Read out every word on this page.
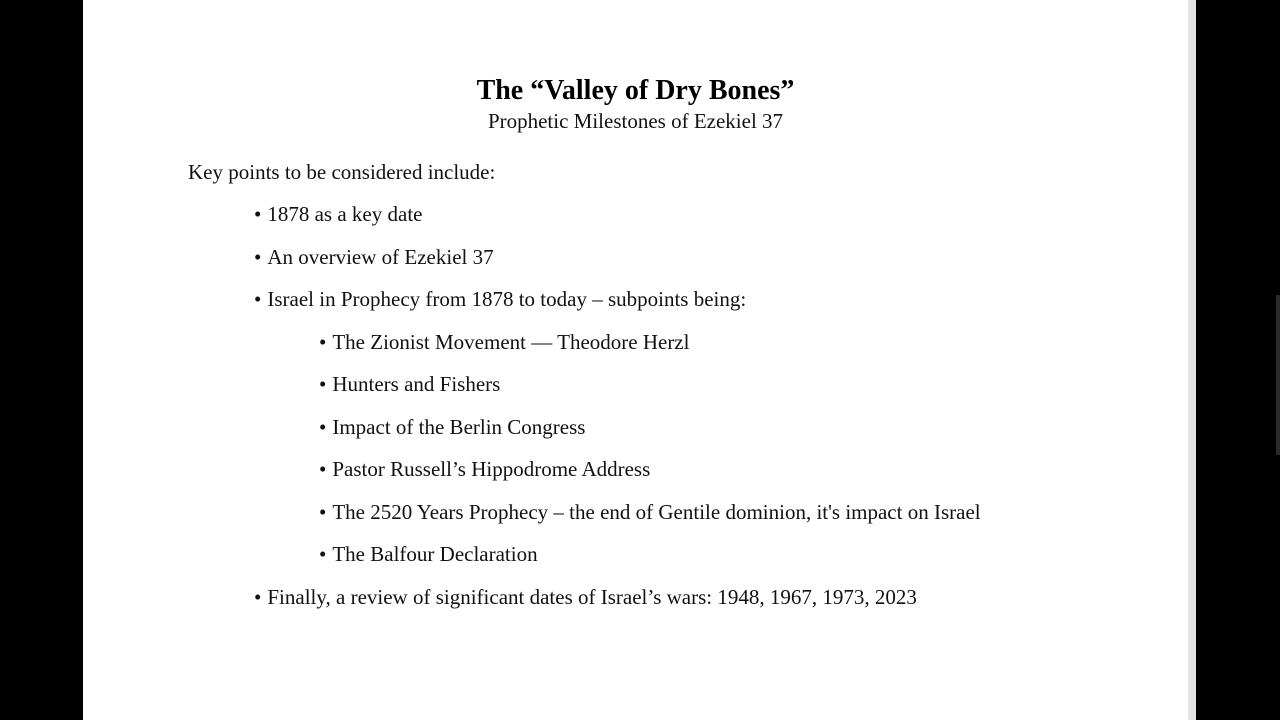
The “Valley of Dry Bones”
Prophetic Milestones of Ezekiel 37
Key points to be considered include:
• 1878 as a key date
• An overview of Ezekiel 37
• Israel in Prophecy from 1878 to today – subpoints being:
• The Zionist Movement — Theodore Herzl
• Hunters and Fishers
• Impact of the Berlin Congress
• Pastor Russell’s Hippodrome Address
• The 2520 Years Prophecy – the end of Gentile dominion, it's impact on Israel
• The Balfour Declaration
• Finally, a review of significant dates of Israel’s wars: 1948, 1967, 1973, 2023
